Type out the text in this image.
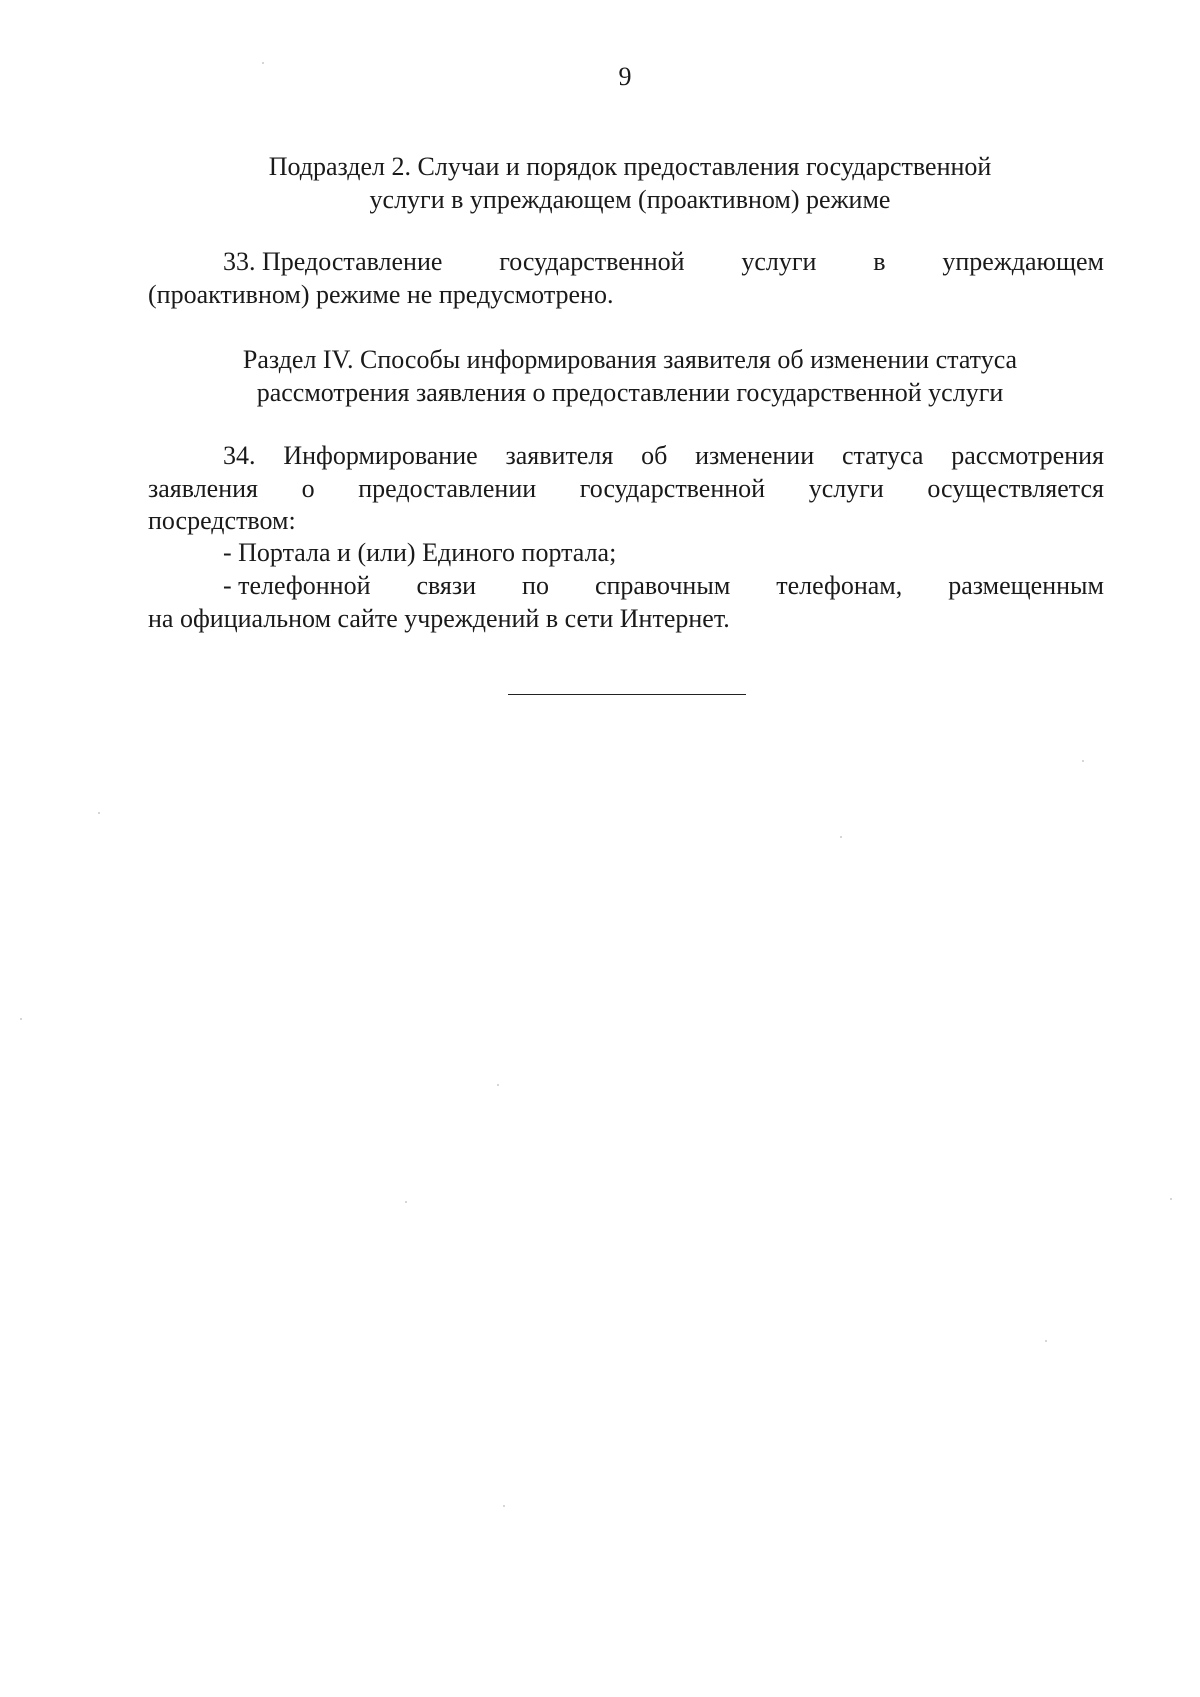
9
Подраздел 2. Случаи и порядок предоставления государственной
услуги в упреждающем (проактивном) режиме
33. Предоставление государственной услуги в упреждающем
(проактивном) режиме не предусмотрено.
Раздел IV. Способы информирования заявителя об изменении статуса
рассмотрения заявления о предоставлении государственной услуги
34. Информирование заявителя об изменении статуса рассмотрения
заявления о предоставлении государственной услуги осуществляется
посредством:
- Портала и (или) Единого портала;
- телефонной связи по справочным телефонам, размещенным
на официальном сайте учреждений в сети Интернет.
